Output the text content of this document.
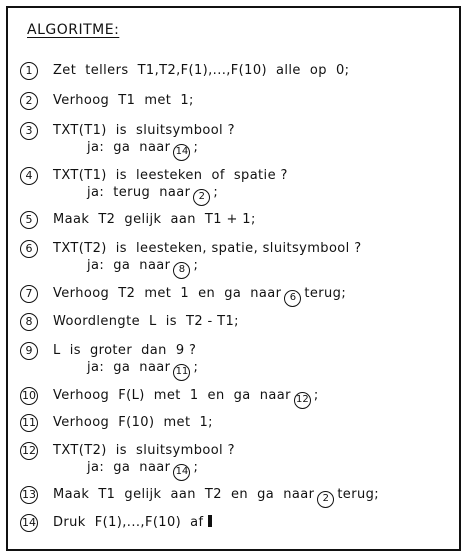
ALGORITME:
1	Zet  tellers  T1,T2,F(1),...,F(10)  alle  op  0;
2	Verhoog  T1  met  1;
3	TXT(T1)  is  sluitsymbool ?
ja:  ga  naar 14 ;
4	TXT(T1)  is  leesteken  of  spatie ?
ja:  terug  naar 2 ;
5	Maak  T2  gelijk  aan  T1 + 1;
6	TXT(T2)  is  leesteken, spatie, sluitsymbool ?
ja:  ga  naar 8 ;
7	Verhoog  T2  met  1  en  ga  naar 6 terug;
8	Woordlengte  L  is  T2 - T1;
9	L  is  groter  dan  9 ?
ja:  ga  naar 11 ;
10 Verhoog  F(L)  met  1  en  ga  naar 12 ;
11 Verhoog  F(10)  met  1;
12 TXT(T2)  is  sluitsymbool ?
ja:  ga  naar 14 ;
13 Maak  T1  gelijk  aan  T2  en  ga  naar 2 terug;
14 Druk  F(1),...,F(10)  af
